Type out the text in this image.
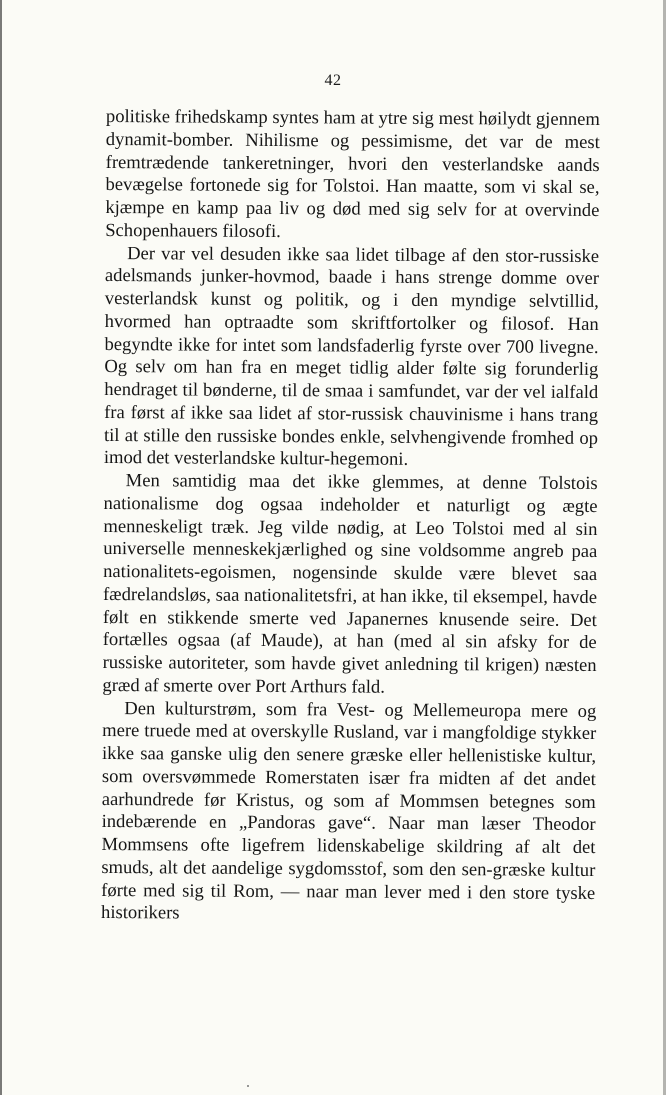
42

politiske frihedskamp syntes ham at ytre sig mest høilydt gjennem dynamit-bomber. Nihilisme og pessimisme, det var de mest fremtrædende tankeretninger, hvori den vesterlandske aands bevægelse fortonede sig for Tolstoi. Han maatte, som vi skal se, kjæmpe en kamp paa liv og død med sig selv for at overvinde Schopenhauers filosofi.

Der var vel desuden ikke saa lidet tilbage af den stor-russiske adelsmands junker-hovmod, baade i hans strenge domme over vesterlandsk kunst og politik, og i den myndige selvtillid, hvormed han optraadte som skriftfortolker og filosof. Han begyndte ikke for intet som landsfaderlig fyrste over 700 livegne. Og selv om han fra en meget tidlig alder følte sig forunderlig hendraget til bønderne, til de smaa i samfundet, var der vel ialfald fra først af ikke saa lidet af stor-russisk chauvinisme i hans trang til at stille den russiske bondes enkle, selvhengivende fromhed op imod det vesterlandske kultur-hegemoni.

Men samtidig maa det ikke glemmes, at denne Tolstois nationalisme dog ogsaa indeholder et naturligt og ægte menneskeligt træk. Jeg vilde nødig, at Leo Tolstoi med al sin universelle menneskekjærlighed og sine voldsomme angreb paa nationalitets-egoismen, nogensinde skulde være blevet saa fædrelandsløs, saa nationalitetsfri, at han ikke, til eksempel, havde følt en stikkende smerte ved Japanernes knusende seire. Det fortælles ogsaa (af Maude), at han (med al sin afsky for de russiske autoriteter, som havde givet anledning til krigen) næsten græd af smerte over Port Arthurs fald.

Den kulturstrøm, som fra Vest- og Mellemeuropa mere og mere truede med at overskylle Rusland, var i mangfoldige stykker ikke saa ganske ulig den senere græske eller hellenistiske kultur, som oversvømmede Romerstaten især fra midten af det andet aarhundrede før Kristus, og som af Mommsen betegnes som indebærende en „Pandoras gave“. Naar man læser Theodor Mommsens ofte ligefrem lidenskabelige skildring af alt det smuds, alt det aandelige sygdomsstof, som den sen-græske kultur førte med sig til Rom, — naar man lever med i den store tyske historikers
